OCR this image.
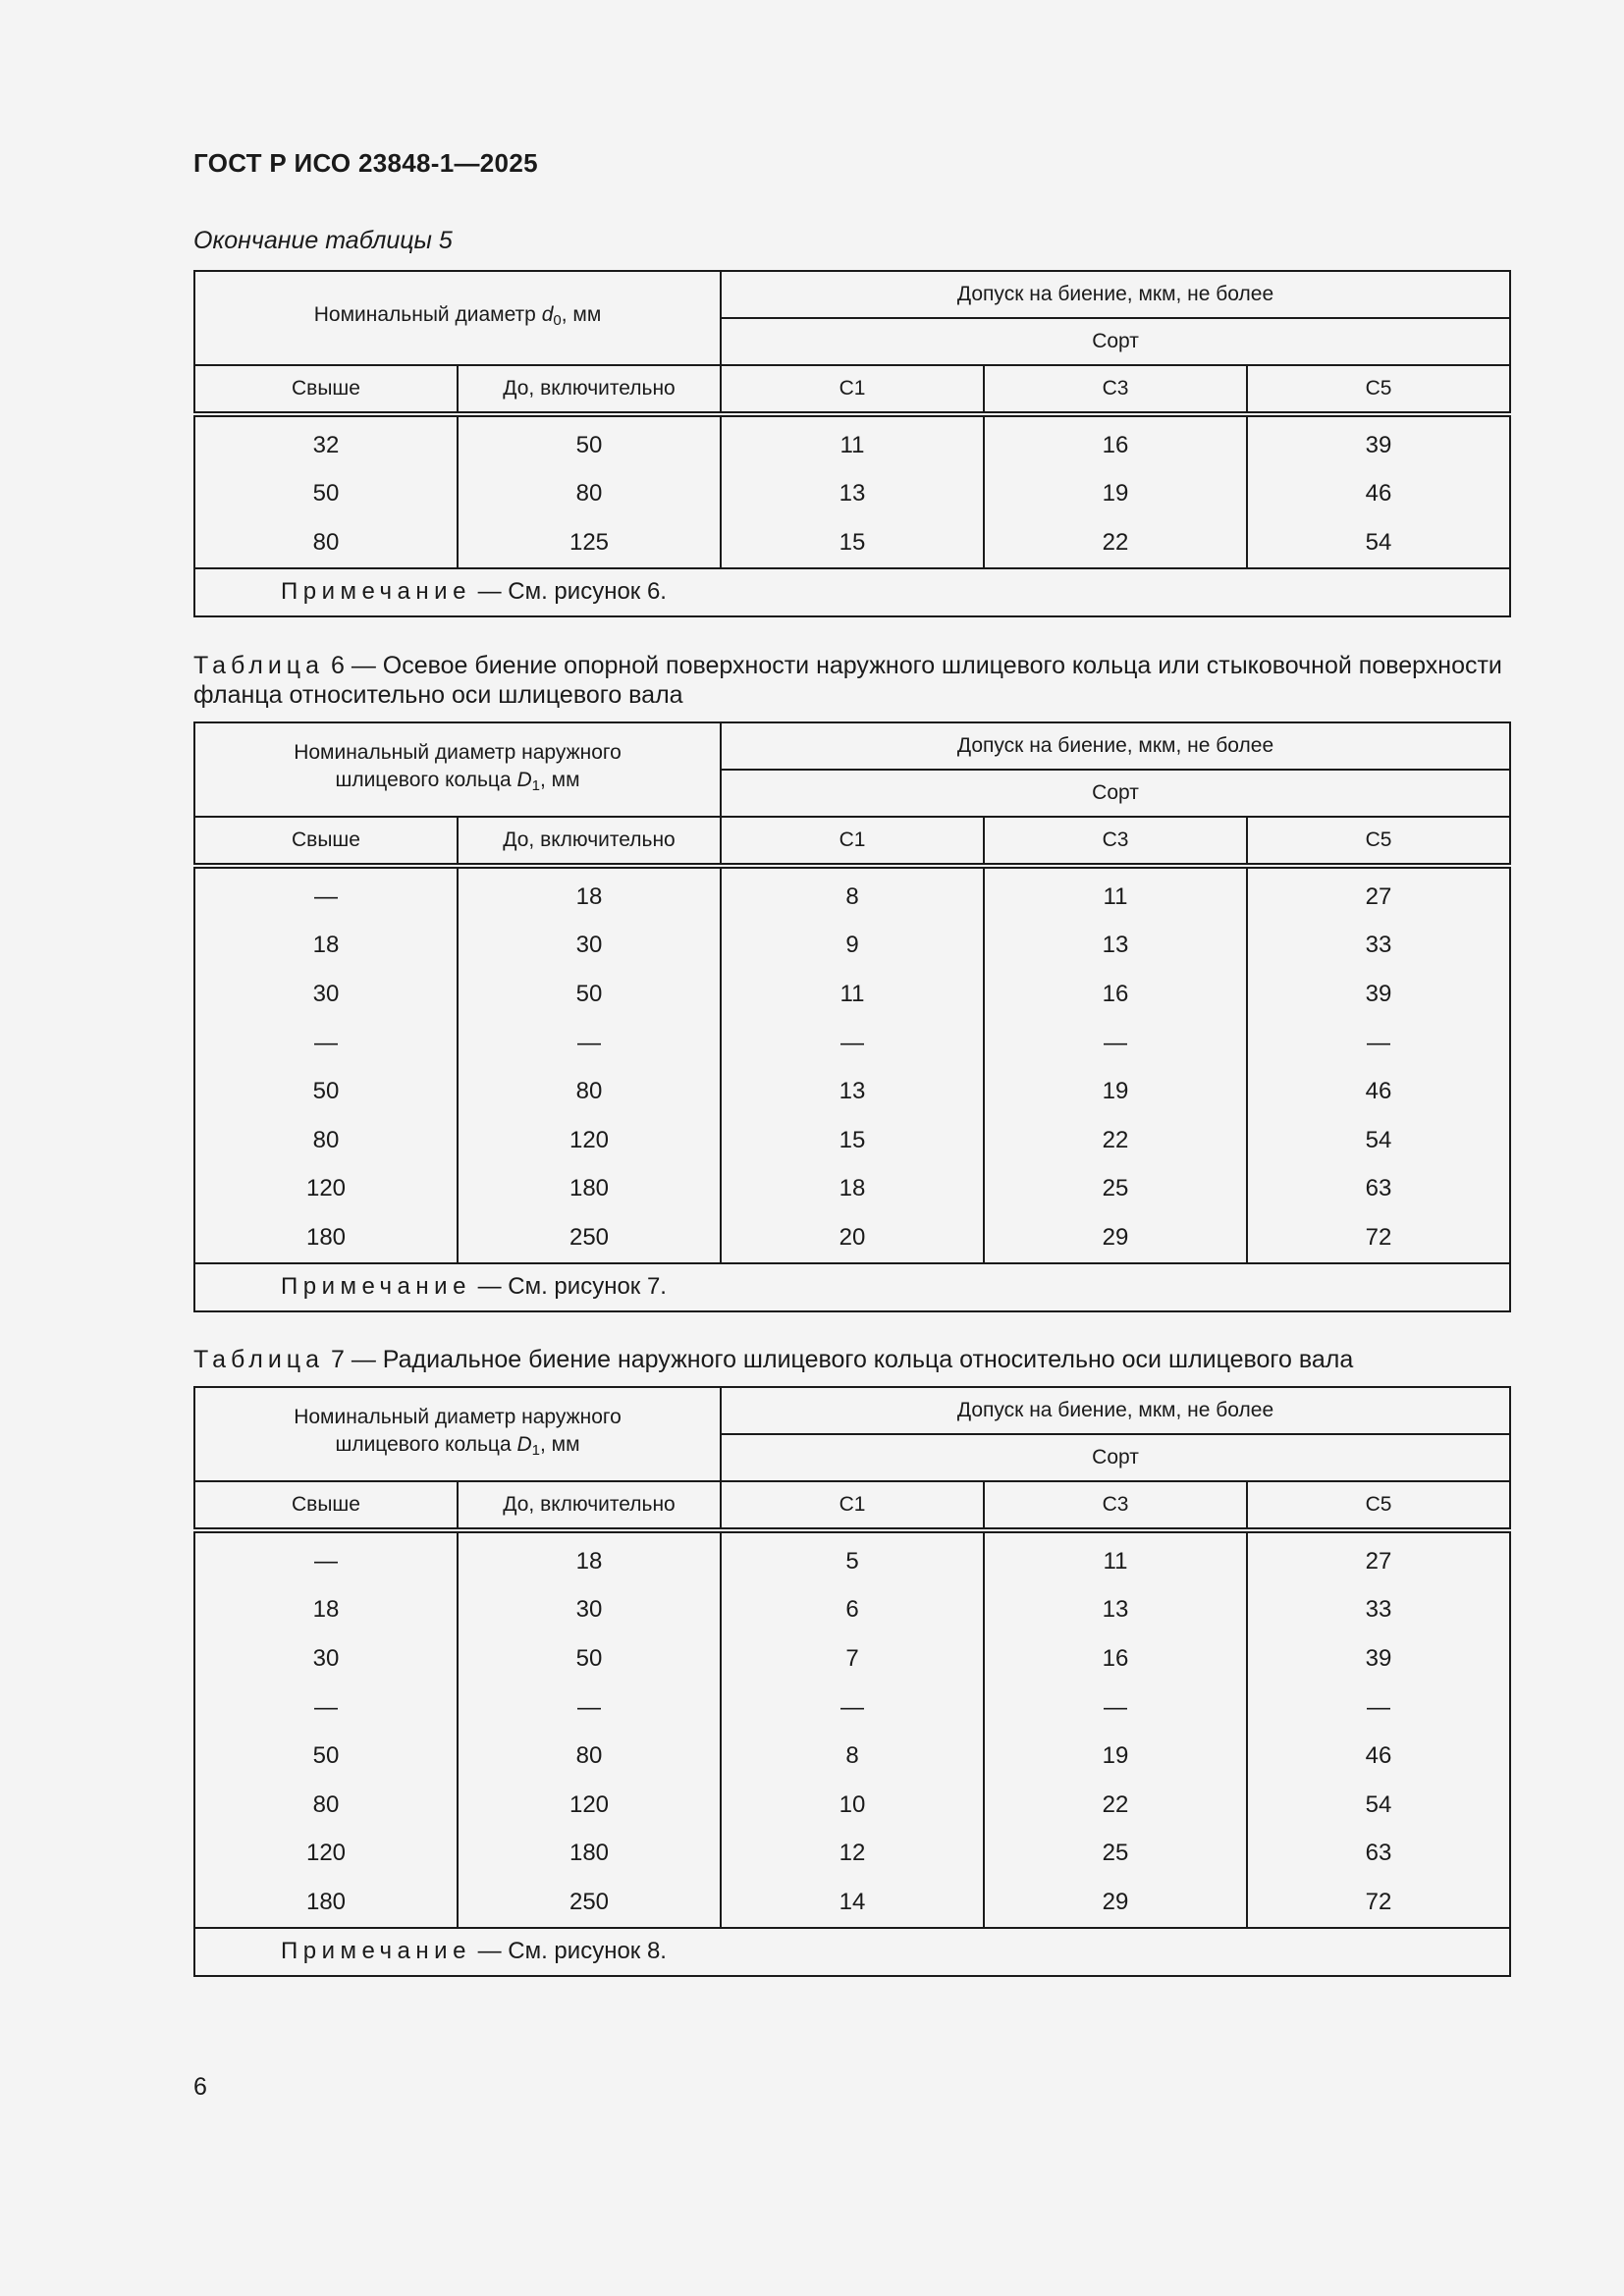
ГОСТ Р ИСО 23848-1—2025
Окончание таблицы 5
Номинальный диаметр $d_0$, мм		Допуск на биение, мкм, не более		
		Сорт		
Свыше	До, включительно	C1	C3	C5
32	50	11	16	39
50	80	13	19	46
80	125	15	22	54
Примечание — См. рисунок 6.				
Таблица 6 — Осевое биение опорной поверхности наружного шлицевого кольца или стыковочной поверхности фланца относительно оси шлицевого вала
Номинальный диаметр наружного
шлицевого кольца $D_1$, мм		Допуск на биение, мкм, не более		
		Сорт		
Свыше	До, включительно	C1	C3	C5
—	18	8	11	27
18	30	9	13	33
30	50	11	16	39
—	—	—	—	—
50	80	13	19	46
80	120	15	22	54
120	180	18	25	63
180	250	20	29	72
Примечание — См. рисунок 7.				
Таблица 7 — Радиальное биение наружного шлицевого кольца относительно оси шлицевого вала
Номинальный диаметр наружного
шлицевого кольца $D_1$, мм		Допуск на биение, мкм, не более		
		Сорт		
Свыше	До, включительно	C1	C3	C5
—	18	5	11	27
18	30	6	13	33
30	50	7	16	39
—	—	—	—	—
50	80	8	19	46
80	120	10	22	54
120	180	12	25	63
180	250	14	29	72
Примечание — См. рисунок 8.				
6
